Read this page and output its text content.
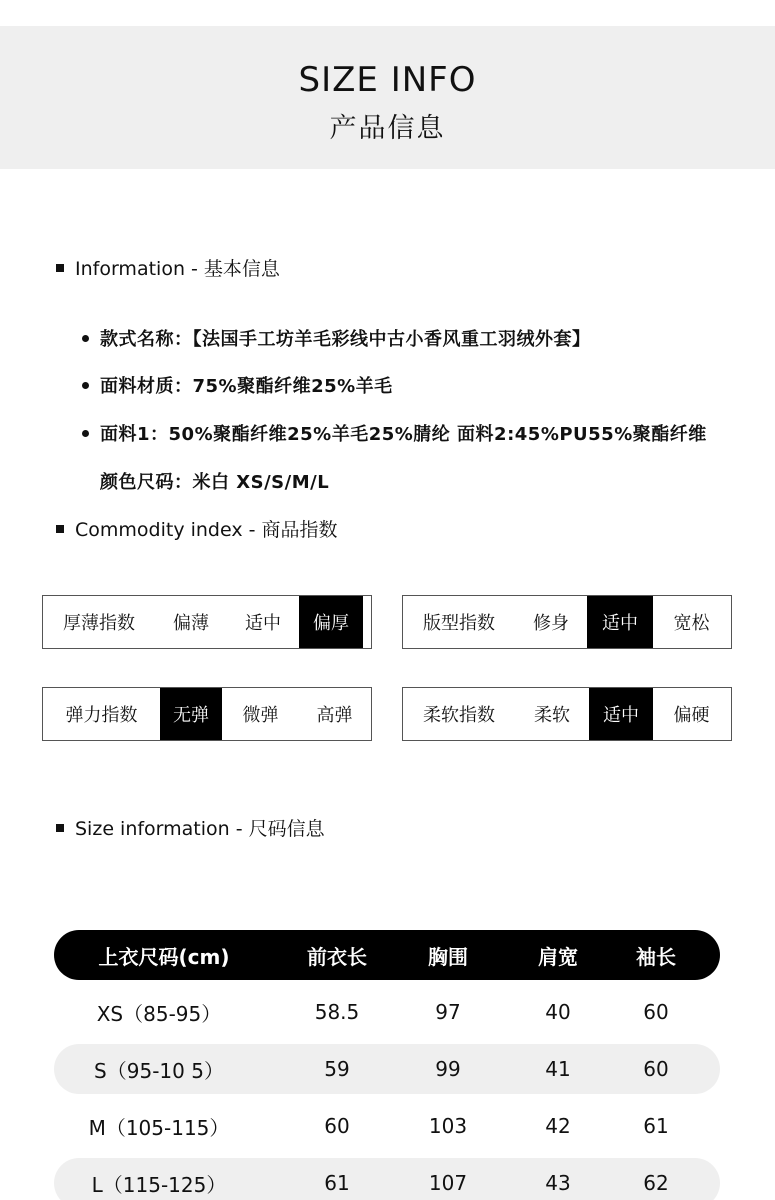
SIZE INFO
产品信息
Information - 基本信息
款式名称：【法国手工坊羊毛彩线中古小香风重工羽绒外套】
面料材质：75%聚酯纤维25%羊毛
面料1：50%聚酯纤维25%羊毛25%腈纶 面料2:45%PU55%聚酯纤维
颜色尺码：米白 XS/S/M/L
Commodity index - 商品指数
厚薄指数	偏薄	适中	偏厚	版型指数	修身	适中	宽松
弹力指数	无弹	微弹	高弹	柔软指数	柔软	适中	偏硬
Size information - 尺码信息
上衣尺码(cm)	前衣长	胸围	肩宽	袖长
XS（85-95）	58.5	97	40	60
S（95-10 5）	59	99	41	60
M（105-115）	60	103	42	61
L（115-125）	61	107	43	62
